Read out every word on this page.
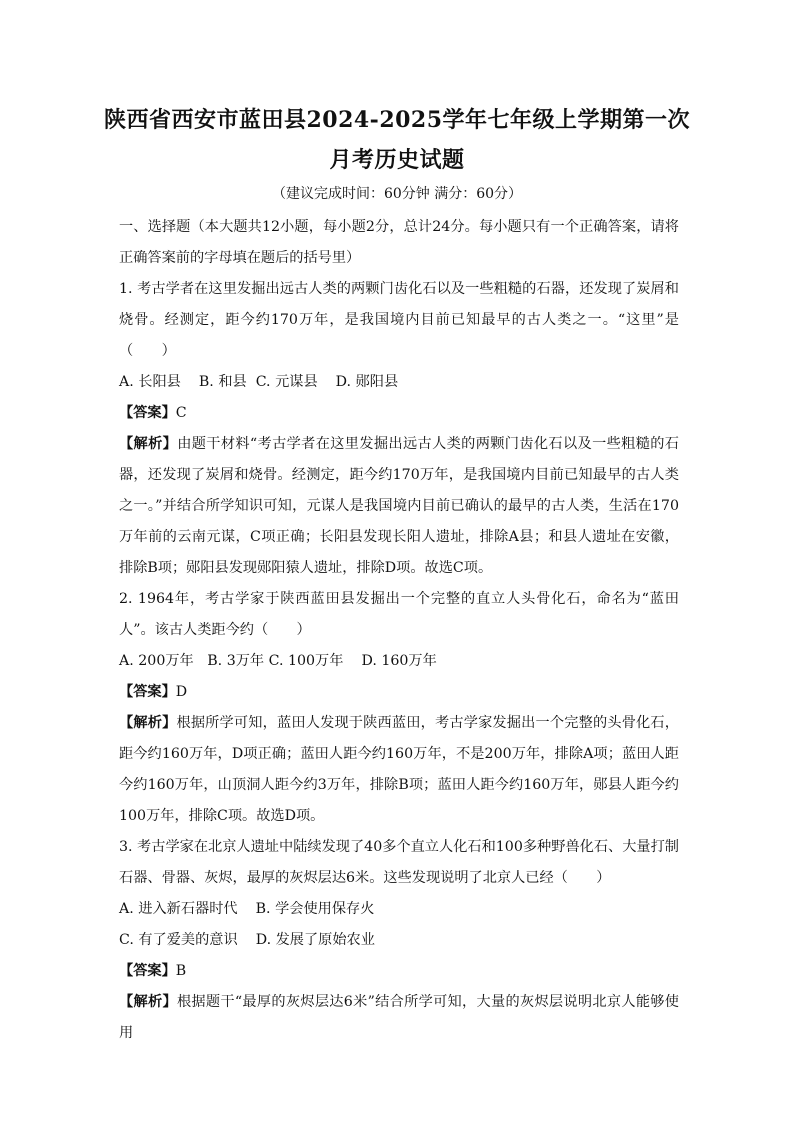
陕西省西安市蓝田县2024-2025学年七年级上学期第一次
月考历史试题
（建议完成时间：60分钟 满分：60分）

一、选择题（本大题共12小题，每小题2分，总计24分。每小题只有一个正确答案，请将正确答案前的字母填在题后的括号里）

1. 考古学者在这里发掘出远古人类的两颗门齿化石以及一些粗糙的石器，还发现了炭屑和烧骨。经测定，距今约170万年，是我国境内目前已知最早的古人类之一。“这里”是（　　）

A. 长阳县    B. 和县  C. 元谋县    D. 郧阳县

【答案】C

【解析】由题干材料“考古学者在这里发掘出远古人类的两颗门齿化石以及一些粗糙的石器，还发现了炭屑和烧骨。经测定，距今约170万年，是我国境内目前已知最早的古人类之一。”并结合所学知识可知，元谋人是我国境内目前已确认的最早的古人类，生活在170万年前的云南元谋，C项正确；长阳县发现长阳人遗址，排除A县；和县人遗址在安徽，排除B项；郧阳县发现郧阳猿人遗址，排除D项。故选C项。

2. 1964年，考古学家于陕西蓝田县发掘出一个完整的直立人头骨化石，命名为“蓝田人”。该古人类距今约（　　）

A. 200万年   B. 3万年 C. 100万年    D. 160万年

【答案】D

【解析】根据所学可知，蓝田人发现于陕西蓝田，考古学家发掘出一个完整的头骨化石，距今约160万年，D项正确；蓝田人距今约160万年，不是200万年，排除A项；蓝田人距今约160万年，山顶洞人距今约3万年，排除B项；蓝田人距今约160万年，郧县人距今约100万年，排除C项。故选D项。

3. 考古学家在北京人遗址中陆续发现了40多个直立人化石和100多种野兽化石、大量打制石器、骨器、灰烬，最厚的灰烬层达6米。这些发现说明了北京人已经（　　）

A. 进入新石器时代    B. 学会使用保存火
C. 有了爱美的意识    D. 发展了原始农业

【答案】B

【解析】根据题干“最厚的灰烬层达6米”结合所学可知，大量的灰烬层说明北京人能够使用
